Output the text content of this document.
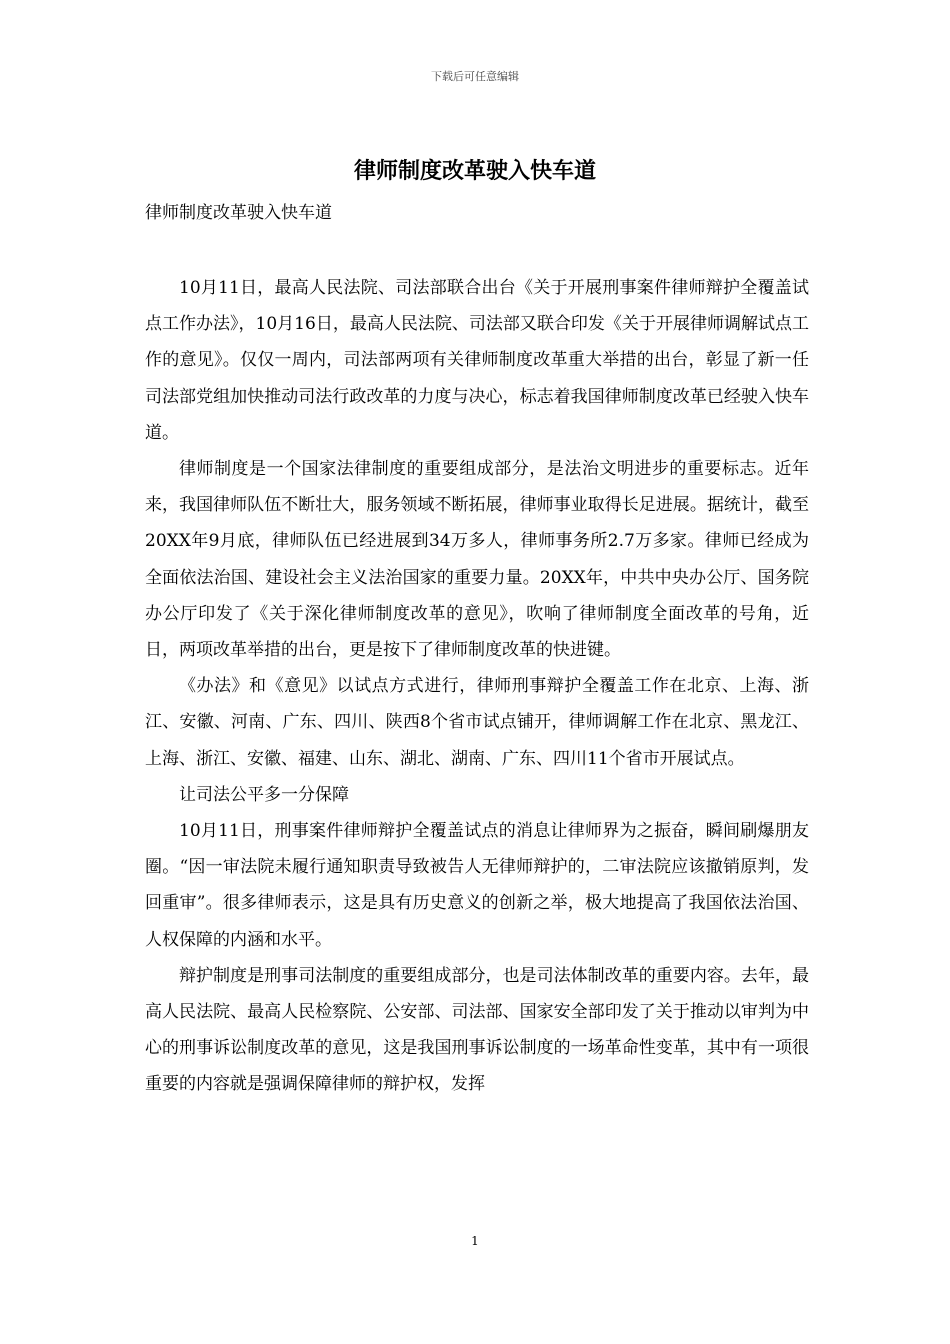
下载后可任意编辑
律师制度改革驶入快车道
律师制度改革驶入快车道

10月11日，最高人民法院、司法部联合出台《关于开展刑事案件律师辩护全覆盖试点工作办法》，10月16日，最高人民法院、司法部又联合印发《关于开展律师调解试点工作的意见》。仅仅一周内，司法部两项有关律师制度改革重大举措的出台，彰显了新一任司法部党组加快推动司法行政改革的力度与决心，标志着我国律师制度改革已经驶入快车道。

律师制度是一个国家法律制度的重要组成部分，是法治文明进步的重要标志。近年来，我国律师队伍不断壮大，服务领域不断拓展，律师事业取得长足进展。据统计，截至20XX年9月底，律师队伍已经进展到34万多人，律师事务所2.7万多家。律师已经成为全面依法治国、建设社会主义法治国家的重要力量。20XX年，中共中央办公厅、国务院办公厅印发了《关于深化律师制度改革的意见》，吹响了律师制度全面改革的号角，近日，两项改革举措的出台，更是按下了律师制度改革的快进键。

《办法》和《意见》以试点方式进行，律师刑事辩护全覆盖工作在北京、上海、浙江、安徽、河南、广东、四川、陕西8个省市试点铺开，律师调解工作在北京、黑龙江、上海、浙江、安徽、福建、山东、湖北、湖南、广东、四川11个省市开展试点。

让司法公平多一分保障

10月11日，刑事案件律师辩护全覆盖试点的消息让律师界为之振奋，瞬间刷爆朋友圈。“因一审法院未履行通知职责导致被告人无律师辩护的，二审法院应该撤销原判，发回重审”。很多律师表示，这是具有历史意义的创新之举，极大地提高了我国依法治国、人权保障的内涵和水平。

辩护制度是刑事司法制度的重要组成部分，也是司法体制改革的重要内容。去年，最高人民法院、最高人民检察院、公安部、司法部、国家安全部印发了关于推动以审判为中心的刑事诉讼制度改革的意见，这是我国刑事诉讼制度的一场革命性变革，其中有一项很重要的内容就是强调保障律师的辩护权，发挥

1
